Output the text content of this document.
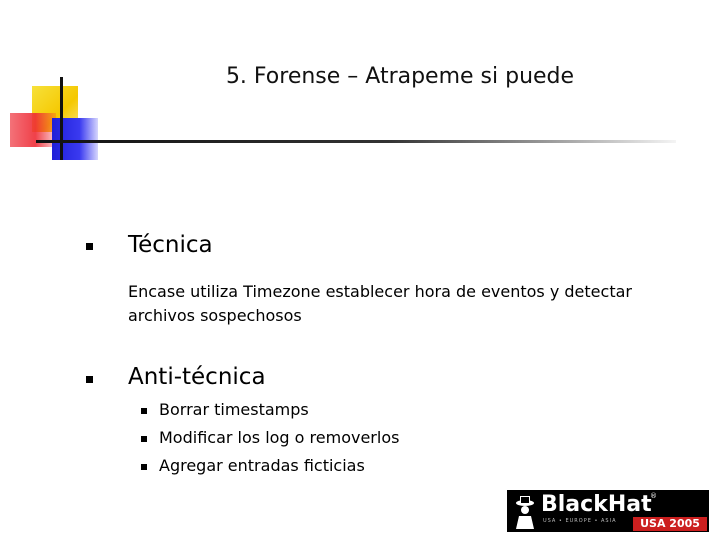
5. Forense – Atrapeme si puede
Técnica
Encase utiliza Timezone establecer hora de eventos y detectar archivos sospechosos
Anti-técnica
Borrar timestamps
Modificar los log o removerlos
Agregar entradas ficticias
BlackHat
®
USA • EUROPE • ASIA	USA 2005
